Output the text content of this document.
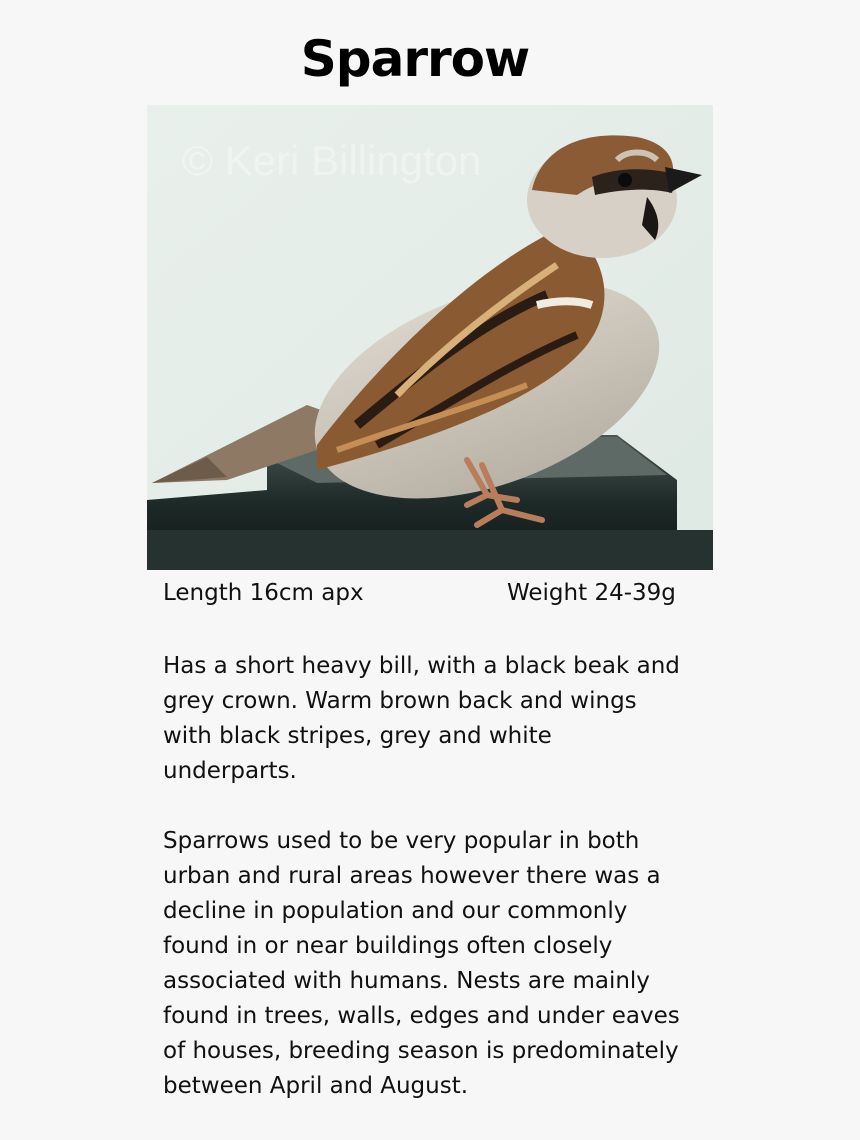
Sparrow
© Keri Billington
Length 16cm apx	Weight 24-39g
Has a short heavy bill, with a black beak and
grey crown. Warm brown back and wings
with black stripes, grey and white
underparts.
Sparrows used to be very popular in both
urban and rural areas however there was a
decline in population and our commonly
found in or near buildings often closely
associated with humans. Nests are mainly
found in trees, walls, edges and under eaves
of houses, breeding season is predominately
between April and August.
